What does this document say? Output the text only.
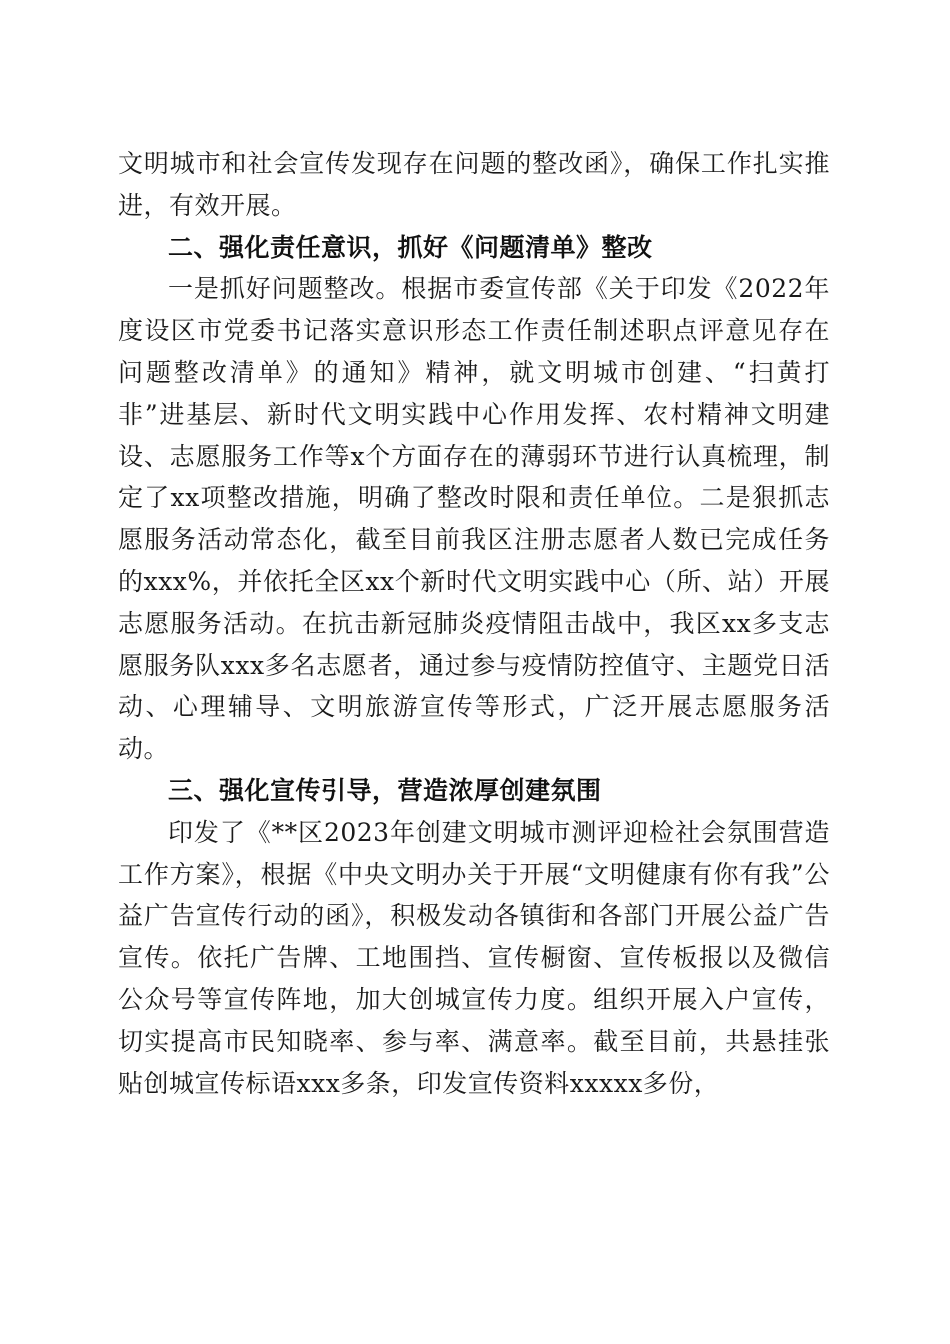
文明城市和社会宣传发现存在问题的整改函》，确保工作扎实推进，有效开展。

二、强化责任意识，抓好《问题清单》整改

一是抓好问题整改。根据市委宣传部《关于印发《2022年度设区市党委书记落实意识形态工作责任制述职点评意见存在问题整改清单》的通知》精神，就文明城市创建、“扫黄打非”进基层、新时代文明实践中心作用发挥、农村精神文明建设、志愿服务工作等x个方面存在的薄弱环节进行认真梳理，制定了xx项整改措施，明确了整改时限和责任单位。二是狠抓志愿服务活动常态化，截至目前我区注册志愿者人数已完成任务的xxx%，并依托全区xx个新时代文明实践中心（所、站）开展志愿服务活动。在抗击新冠肺炎疫情阻击战中，我区xx多支志愿服务队xxx多名志愿者，通过参与疫情防控值守、主题党日活动、心理辅导、文明旅游宣传等形式，广泛开展志愿服务活动。

三、强化宣传引导，营造浓厚创建氛围

印发了《**区2023年创建文明城市测评迎检社会氛围营造工作方案》，根据《中央文明办关于开展“文明健康有你有我”公益广告宣传行动的函》，积极发动各镇街和各部门开展公益广告宣传。依托广告牌、工地围挡、宣传橱窗、宣传板报以及微信公众号等宣传阵地，加大创城宣传力度。组织开展入户宣传，切实提高市民知晓率、参与率、满意率。截至目前，共悬挂张贴创城宣传标语xxx多条，印发宣传资料xxxxx多份，
